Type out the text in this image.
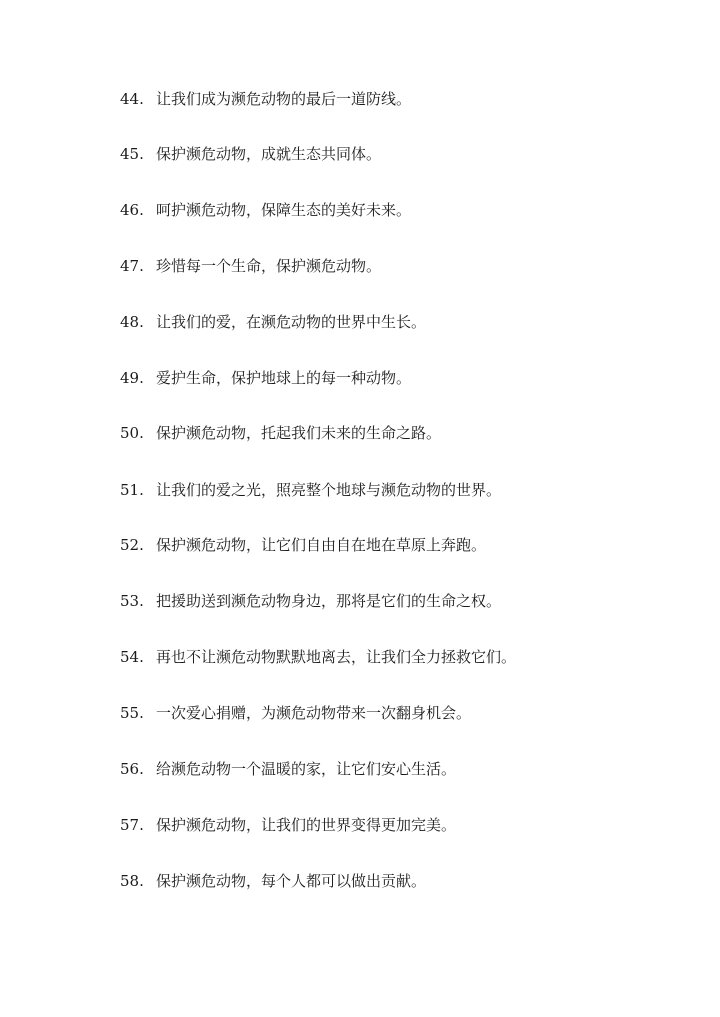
44. 让我们成为濒危动物的最后一道防线。
45. 保护濒危动物，成就生态共同体。
46. 呵护濒危动物，保障生态的美好未来。
47. 珍惜每一个生命，保护濒危动物。
48. 让我们的爱，在濒危动物的世界中生长。
49. 爱护生命，保护地球上的每一种动物。
50. 保护濒危动物，托起我们未来的生命之路。
51. 让我们的爱之光，照亮整个地球与濒危动物的世界。
52. 保护濒危动物，让它们自由自在地在草原上奔跑。
53. 把援助送到濒危动物身边，那将是它们的生命之权。
54. 再也不让濒危动物默默地离去，让我们全力拯救它们。
55. 一次爱心捐赠，为濒危动物带来一次翻身机会。
56. 给濒危动物一个温暖的家，让它们安心生活。
57. 保护濒危动物，让我们的世界变得更加完美。
58. 保护濒危动物，每个人都可以做出贡献。
